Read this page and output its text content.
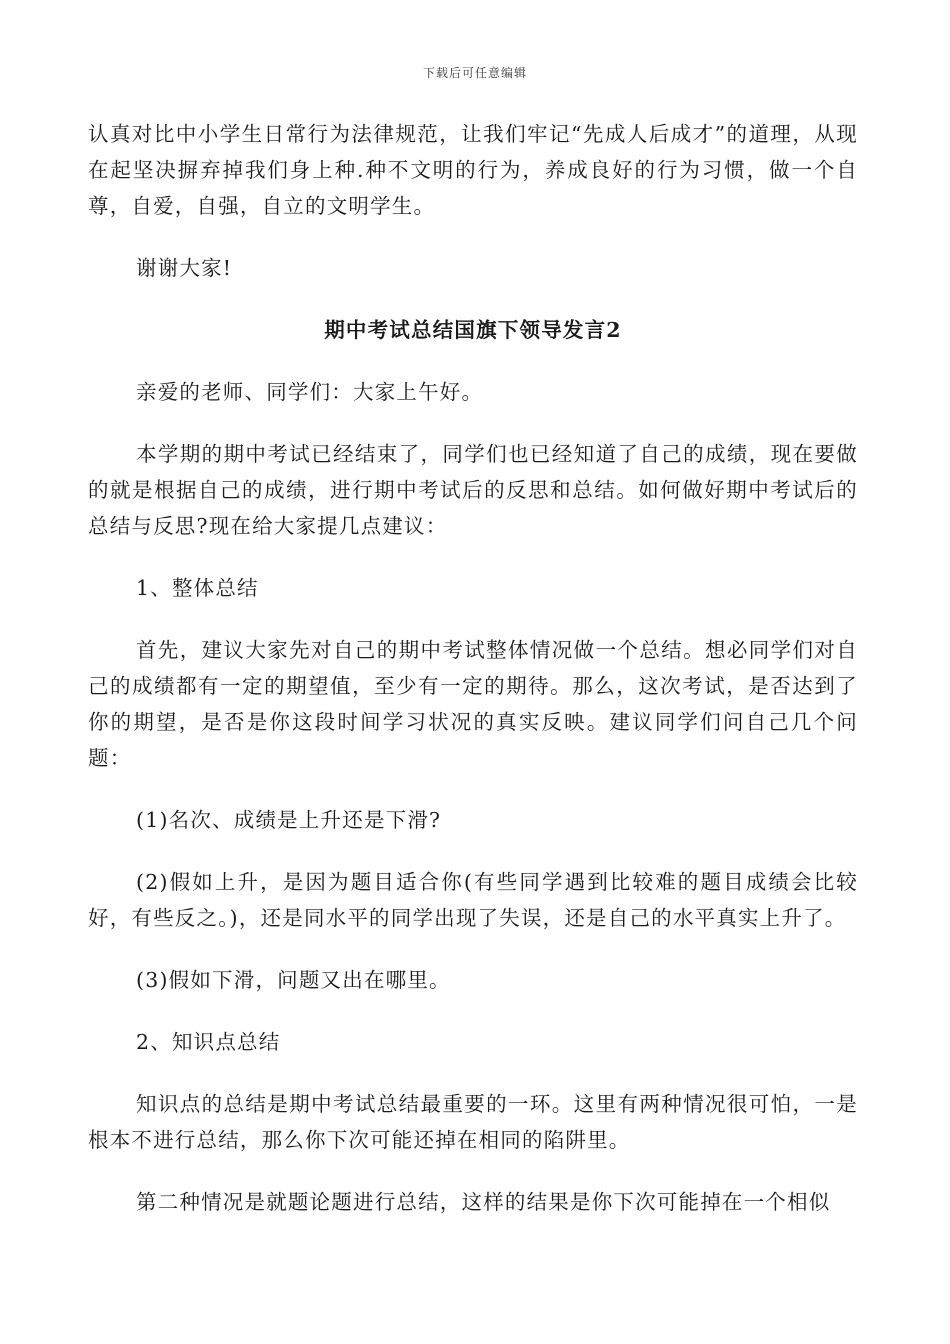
下载后可任意编辑

认真对比中小学生日常行为法律规范，让我们牢记“先成人后成才”的道理，从现在起坚决摒弃掉我们身上种.种不文明的行为，养成良好的行为习惯，做一个自尊，自爱，自强，自立的文明学生。

谢谢大家!

期中考试总结国旗下领导发言2

亲爱的老师、同学们：大家上午好。

本学期的期中考试已经结束了，同学们也已经知道了自己的成绩，现在要做的就是根据自己的成绩，进行期中考试后的反思和总结。如何做好期中考试后的总结与反思?现在给大家提几点建议：

1、整体总结

首先，建议大家先对自己的期中考试整体情况做一个总结。想必同学们对自己的成绩都有一定的期望值，至少有一定的期待。那么，这次考试，是否达到了你的期望，是否是你这段时间学习状况的真实反映。建议同学们问自己几个问题：

(1)名次、成绩是上升还是下滑?

(2)假如上升，是因为题目适合你(有些同学遇到比较难的题目成绩会比较好，有些反之。)，还是同水平的同学出现了失误，还是自己的水平真实上升了。

(3)假如下滑，问题又出在哪里。

2、知识点总结

知识点的总结是期中考试总结最重要的一环。这里有两种情况很可怕，一是根本不进行总结，那么你下次可能还掉在相同的陷阱里。

第二种情况是就题论题进行总结，这样的结果是你下次可能掉在一个相似
